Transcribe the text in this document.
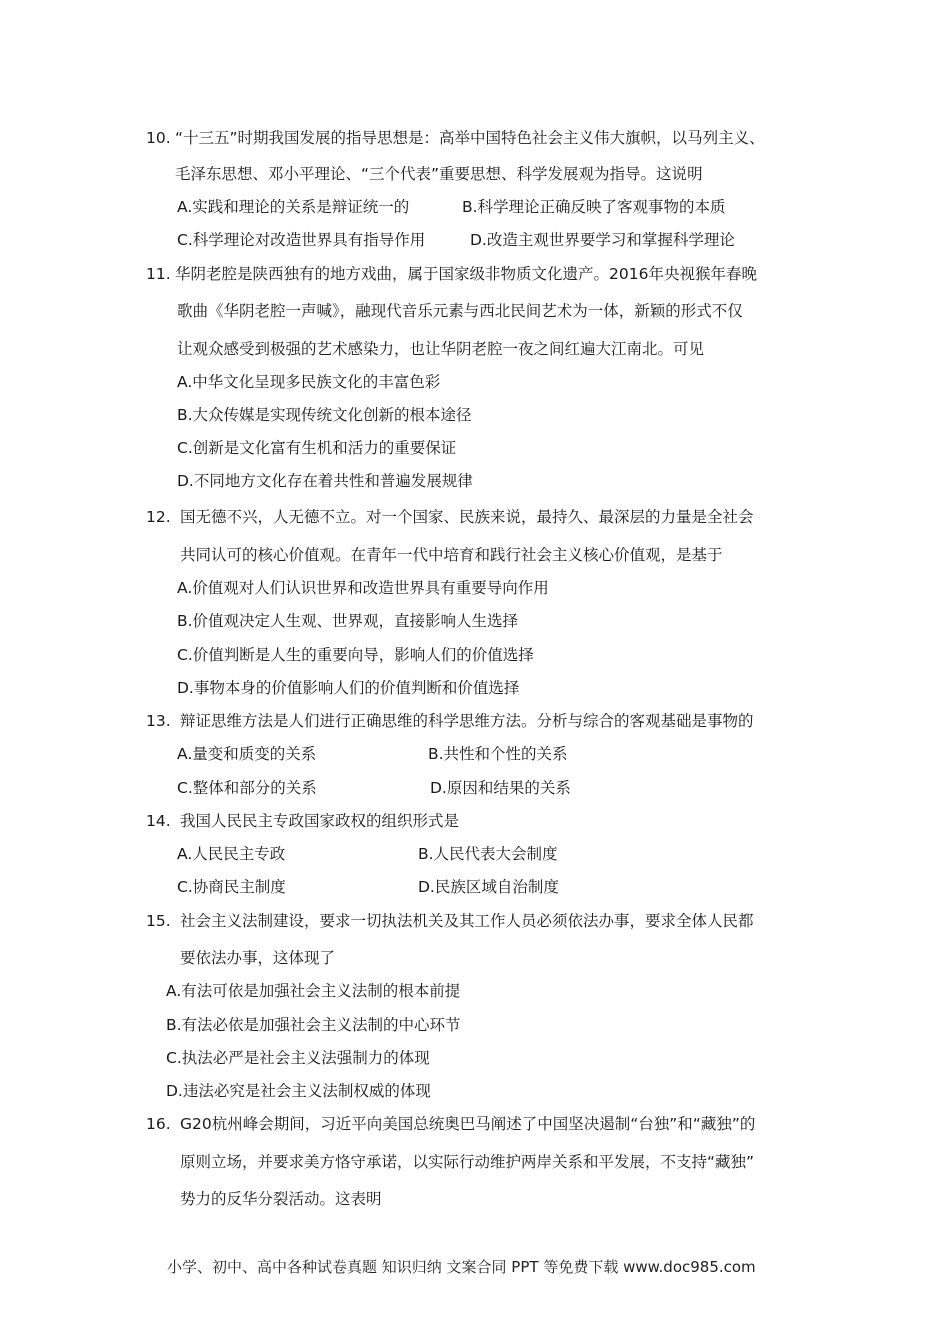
10. “十三五”时期我国发展的指导思想是：高举中国特色社会主义伟大旗帜，以马列主义、
毛泽东思想、邓小平理论、“三个代表”重要思想、科学发展观为指导。这说明
A.实践和理论的关系是辩证统一的	B.科学理论正确反映了客观事物的本质
C.科学理论对改造世界具有指导作用	D.改造主观世界要学习和掌握科学理论
11. 华阴老腔是陕西独有的地方戏曲，属于国家级非物质文化遗产。2016年央视猴年春晚
歌曲《华阴老腔一声喊》，融现代音乐元素与西北民间艺术为一体，新颖的形式不仅
让观众感受到极强的艺术感染力，也让华阴老腔一夜之间红遍大江南北。可见
A.中华文化呈现多民族文化的丰富色彩
B.大众传媒是实现传统文化创新的根本途径
C.创新是文化富有生机和活力的重要保证
D.不同地方文化存在着共性和普遍发展规律
12. 国无德不兴，人无德不立。对一个国家、民族来说，最持久、最深层的力量是全社会
共同认可的核心价值观。在青年一代中培育和践行社会主义核心价值观，是基于
A.价值观对人们认识世界和改造世界具有重要导向作用
B.价值观决定人生观、世界观，直接影响人生选择
C.价值判断是人生的重要向导，影响人们的价值选择
D.事物本身的价值影响人们的价值判断和价值选择
13. 辩证思维方法是人们进行正确思维的科学思维方法。分析与综合的客观基础是事物的
A.量变和质变的关系	B.共性和个性的关系
C.整体和部分的关系	D.原因和结果的关系
14. 我国人民民主专政国家政权的组织形式是
A.人民民主专政	B.人民代表大会制度
C.协商民主制度	D.民族区域自治制度
15. 社会主义法制建设，要求一切执法机关及其工作人员必须依法办事，要求全体人民都
要依法办事，这体现了
A.有法可依是加强社会主义法制的根本前提
B.有法必依是加强社会主义法制的中心环节
C.执法必严是社会主义法强制力的体现
D.违法必究是社会主义法制权威的体现
16. G20杭州峰会期间，习近平向美国总统奥巴马阐述了中国坚决遏制“台独”和“藏独”的
原则立场，并要求美方恪守承诺，以实际行动维护两岸关系和平发展，不支持“藏独”
势力的反华分裂活动。这表明
小学、初中、高中各种试卷真题 知识归纳 文案合同 PPT 等免费下载 www.doc985.com
